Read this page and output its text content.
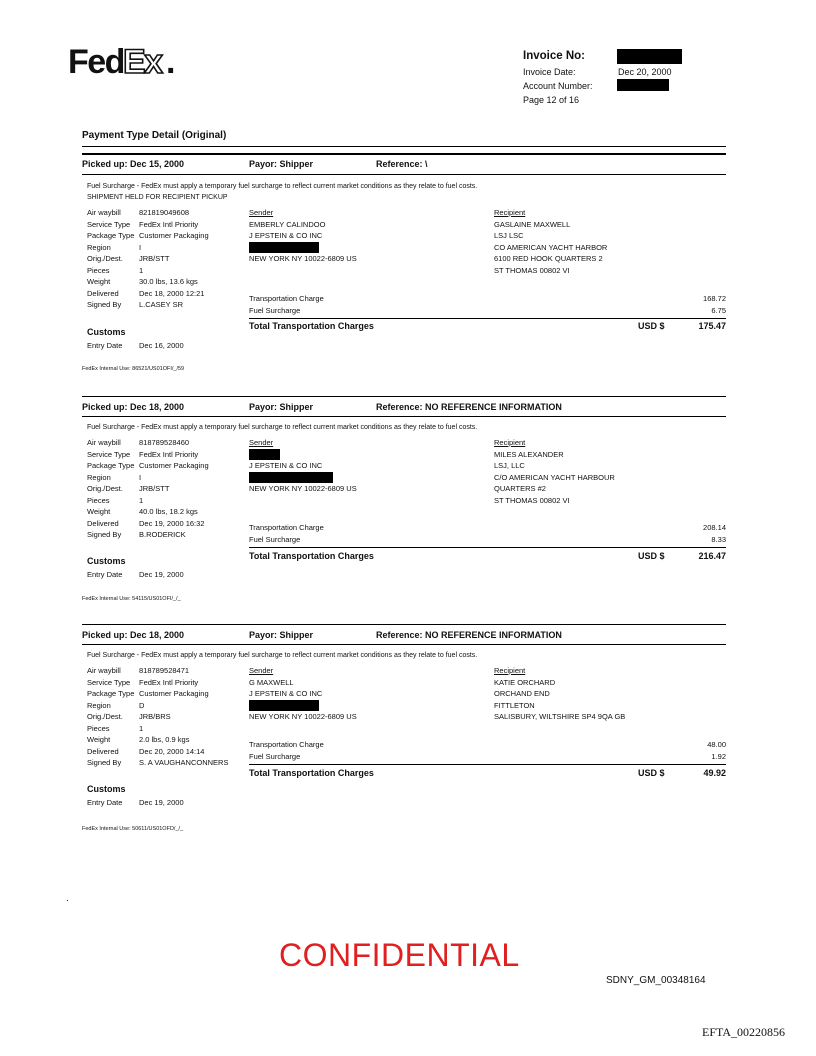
Fed Ex .	Invoice No:
Invoice Date:	Dec 20, 2000
Account Number:
Page 12 of 16
Payment Type Detail (Original)
Picked up: Dec 15, 2000	Payor: Shipper	Reference: \
Fuel Surcharge - FedEx must apply a temporary fuel surcharge to reflect current market conditions as they relate to fuel costs.
SHIPMENT HELD FOR RECIPIENT PICKUP
Air waybill 821819049608
Service Type FedEx Intl Priority
Package Type Customer Packaging
Region	I
Orig./Dest. JRB/STT
Pieces	1
Weight	30.0 lbs, 13.6 kgs
Delivered	Dec 18, 2000 12:21
Signed By L.CASEY SR
Customs
Entry Date Dec 16, 2000
Sender
EMBERLY CALINDOO
J EPSTEIN & CO INC
NEW YORK NY 10022-6809 US
Recipient
GASLAINE MAXWELL
LSJ LSC
CO AMERICAN YACHT HARBOR
6100 RED HOOK QUARTERS 2
ST THOMAS 00802 VI
Transportation Charge	168.72
Fuel Surcharge	6.75
Total Transportation Charges	USD $	175.47
FedEx Internal Use: 86521/US01OFI/_/59
Picked up: Dec 18, 2000	Payor: Shipper	Reference: NO REFERENCE INFORMATION
Fuel Surcharge - FedEx must apply a temporary fuel surcharge to reflect current market conditions as they relate to fuel costs.
Air waybill 818789528460
Service Type FedEx Intl Priority
Package Type Customer Packaging
Region	I
Orig./Dest. JRB/STT
Pieces	1
Weight	40.0 lbs, 18.2 kgs
Delivered	Dec 19, 2000 16:32
Signed By B.RODERICK
Customs
Entry Date Dec 19, 2000
Sender
J EPSTEIN & CO INC
NEW YORK NY 10022-6809 US
Recipient
MILES ALEXANDER
LSJ, LLC
C/O AMERICAN YACHT HARBOUR
QUARTERS #2
ST THOMAS 00802 VI
Transportation Charge	208.14
Fuel Surcharge	8.33
Total Transportation Charges	USD $	216.47
FedEx Internal Use: 54115/US01OFI/_/_
Picked up: Dec 18, 2000	Payor: Shipper	Reference: NO REFERENCE INFORMATION
Fuel Surcharge - FedEx must apply a temporary fuel surcharge to reflect current market conditions as they relate to fuel costs.
Air waybill 818789528471
Service Type FedEx Intl Priority
Package Type Customer Packaging
Region	D
Orig./Dest. JRB/BRS
Pieces	1
Weight	2.0 lbs, 0.9 kgs
Delivered	Dec 20, 2000 14:14
Signed By S. A VAUGHANCONNERS
Customs
Entry Date Dec 19, 2000
Sender
G MAXWELL
J EPSTEIN & CO INC
NEW YORK NY 10022-6809 US
Recipient
KATIE ORCHARD
ORCHAND END
FITTLETON
SALISBURY, WILTSHIRE SP4 9QA GB
Transportation Charge	48.00
Fuel Surcharge	1.92
Total Transportation Charges	USD $	49.92
FedEx Internal Use: 50611/US01OFD/_/_
.
CONFIDENTIAL
SDNY_GM_00348164
EFTA_00220856
